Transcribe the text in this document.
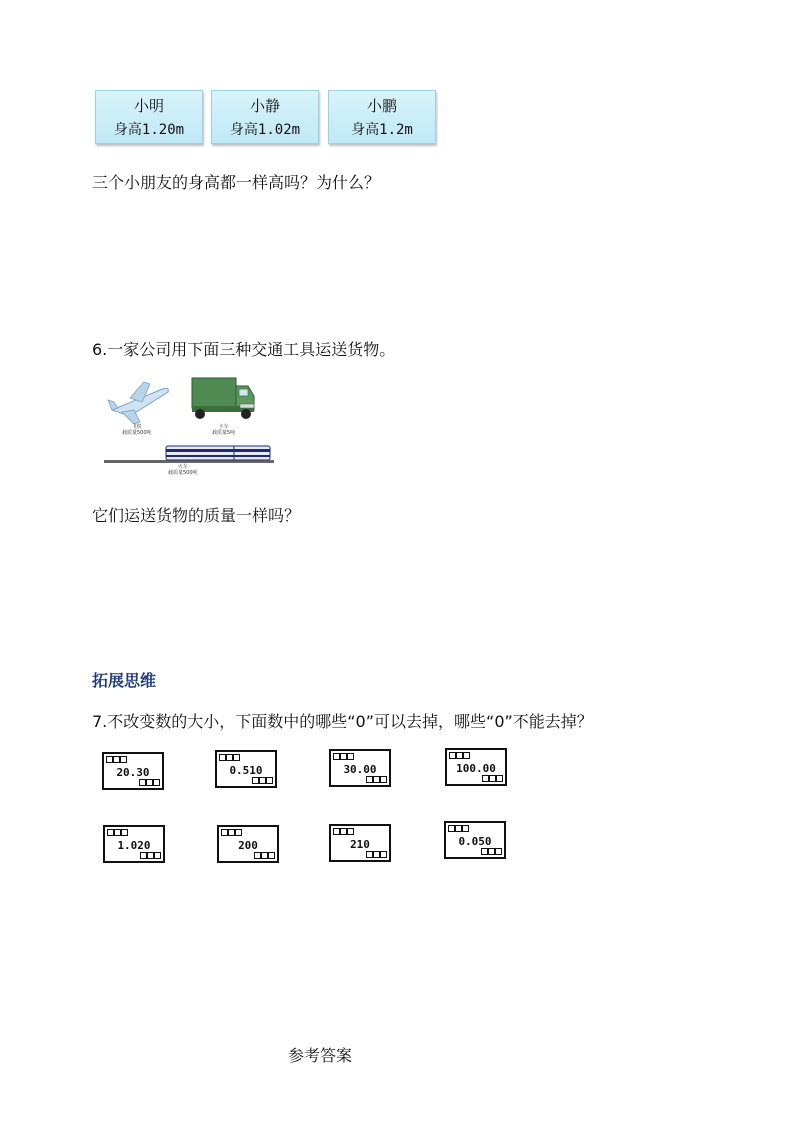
小明
身高1.20m
小静
身高1.02m
小鹏
身高1.2m
三个小朋友的身高都一样高吗？为什么？
6.一家公司用下面三种交通工具运送货物。
飞机
载质量500吨
卡车
载质量5吨
火车
载质量500吨
它们运送货物的质量一样吗？
拓展思维
7.不改变数的大小，下面数中的哪些“0”可以去掉，哪些“0”不能去掉？
20.30	0.510	30.00	100.00
1.020	200	210	0.050
参考答案
